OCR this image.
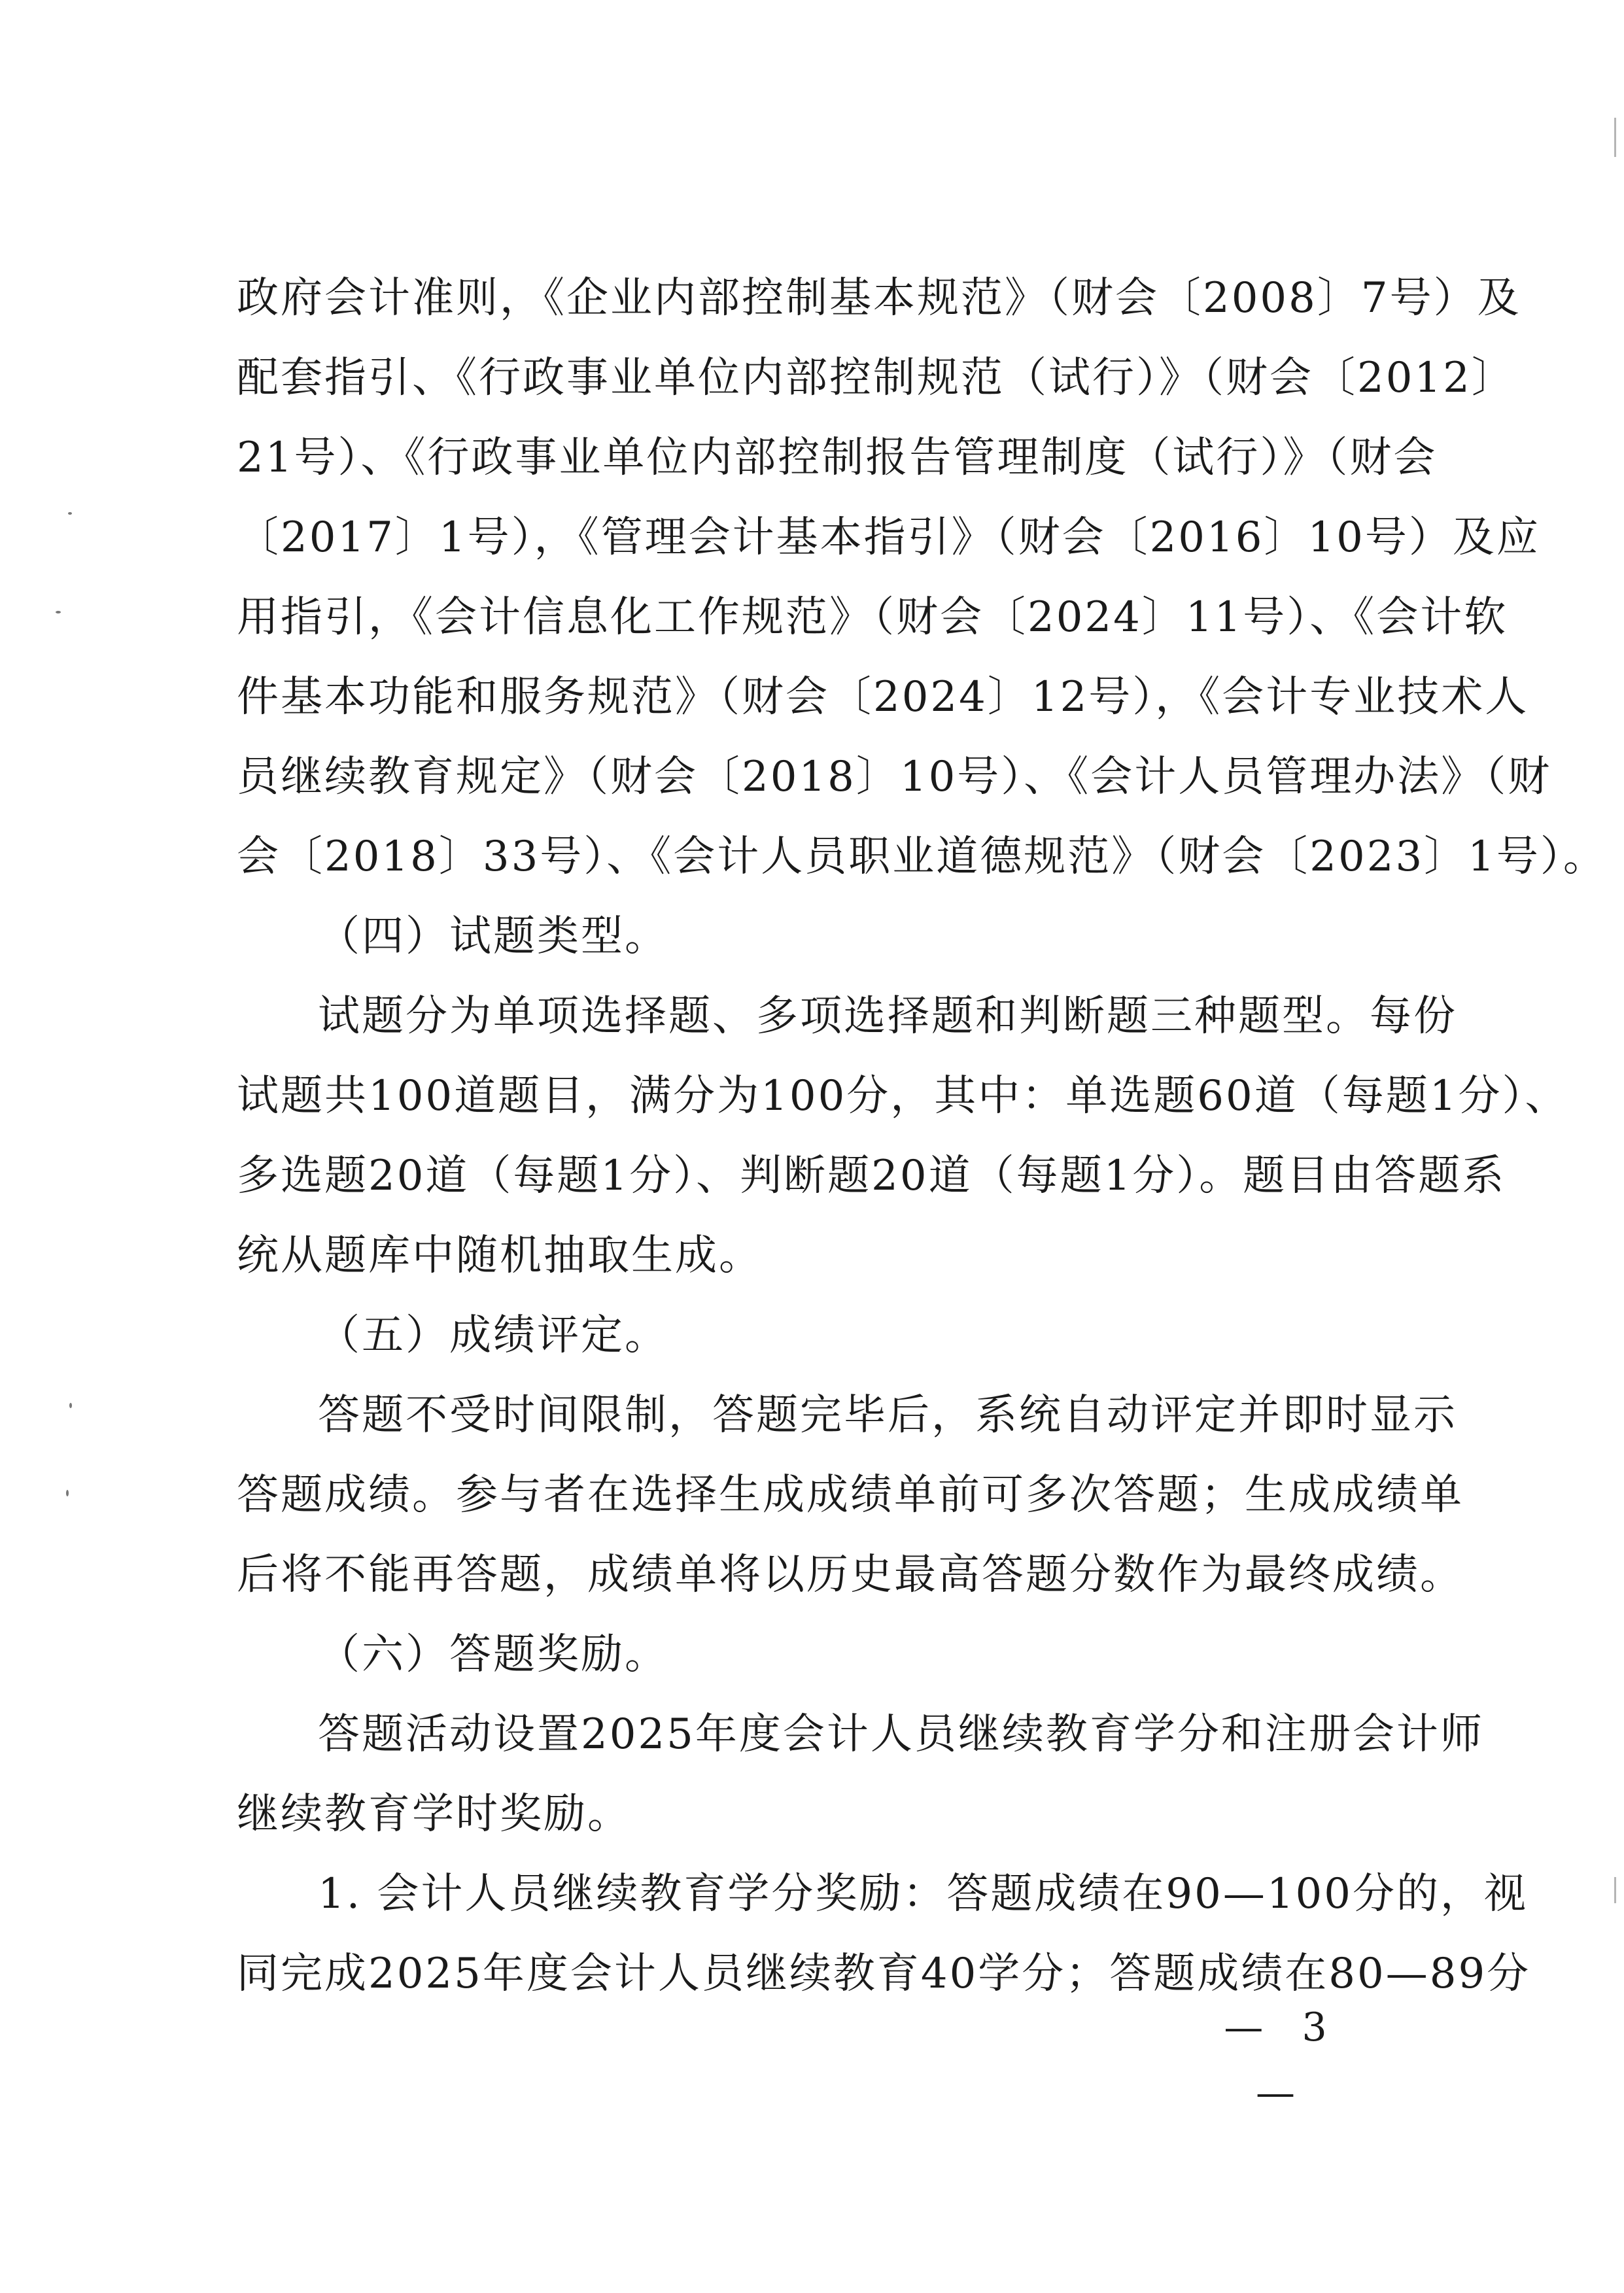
政府会计准则，《企业内部控制基本规范》（财会〔2008〕7号）及
配套指引、《行政事业单位内部控制规范（试行）》（财会〔2012〕
21号）、《行政事业单位内部控制报告管理制度（试行）》（财会
〔2017〕1号），《管理会计基本指引》（财会〔2016〕10号）及应
用指引，《会计信息化工作规范》（财会〔2024〕11号）、《会计软
件基本功能和服务规范》（财会〔2024〕12号），《会计专业技术人
员继续教育规定》（财会〔2018〕10号）、《会计人员管理办法》（财
会〔2018〕33号）、《会计人员职业道德规范》（财会〔2023〕1号）。
（四）试题类型。
试题分为单项选择题、多项选择题和判断题三种题型。每份
试题共100道题目，满分为100分，其中：单选题60道（每题1分）、
多选题20道（每题1分）、判断题20道（每题1分）。题目由答题系
统从题库中随机抽取生成。
（五）成绩评定。
答题不受时间限制，答题完毕后，系统自动评定并即时显示
答题成绩。参与者在选择生成成绩单前可多次答题；生成成绩单
后将不能再答题，成绩单将以历史最高答题分数作为最终成绩。
（六）答题奖励。
答题活动设置2025年度会计人员继续教育学分和注册会计师
继续教育学时奖励。
1. 会计人员继续教育学分奖励：答题成绩在90—100分的，视
同完成2025年度会计人员继续教育40学分；答题成绩在80—89分
— 3 —
